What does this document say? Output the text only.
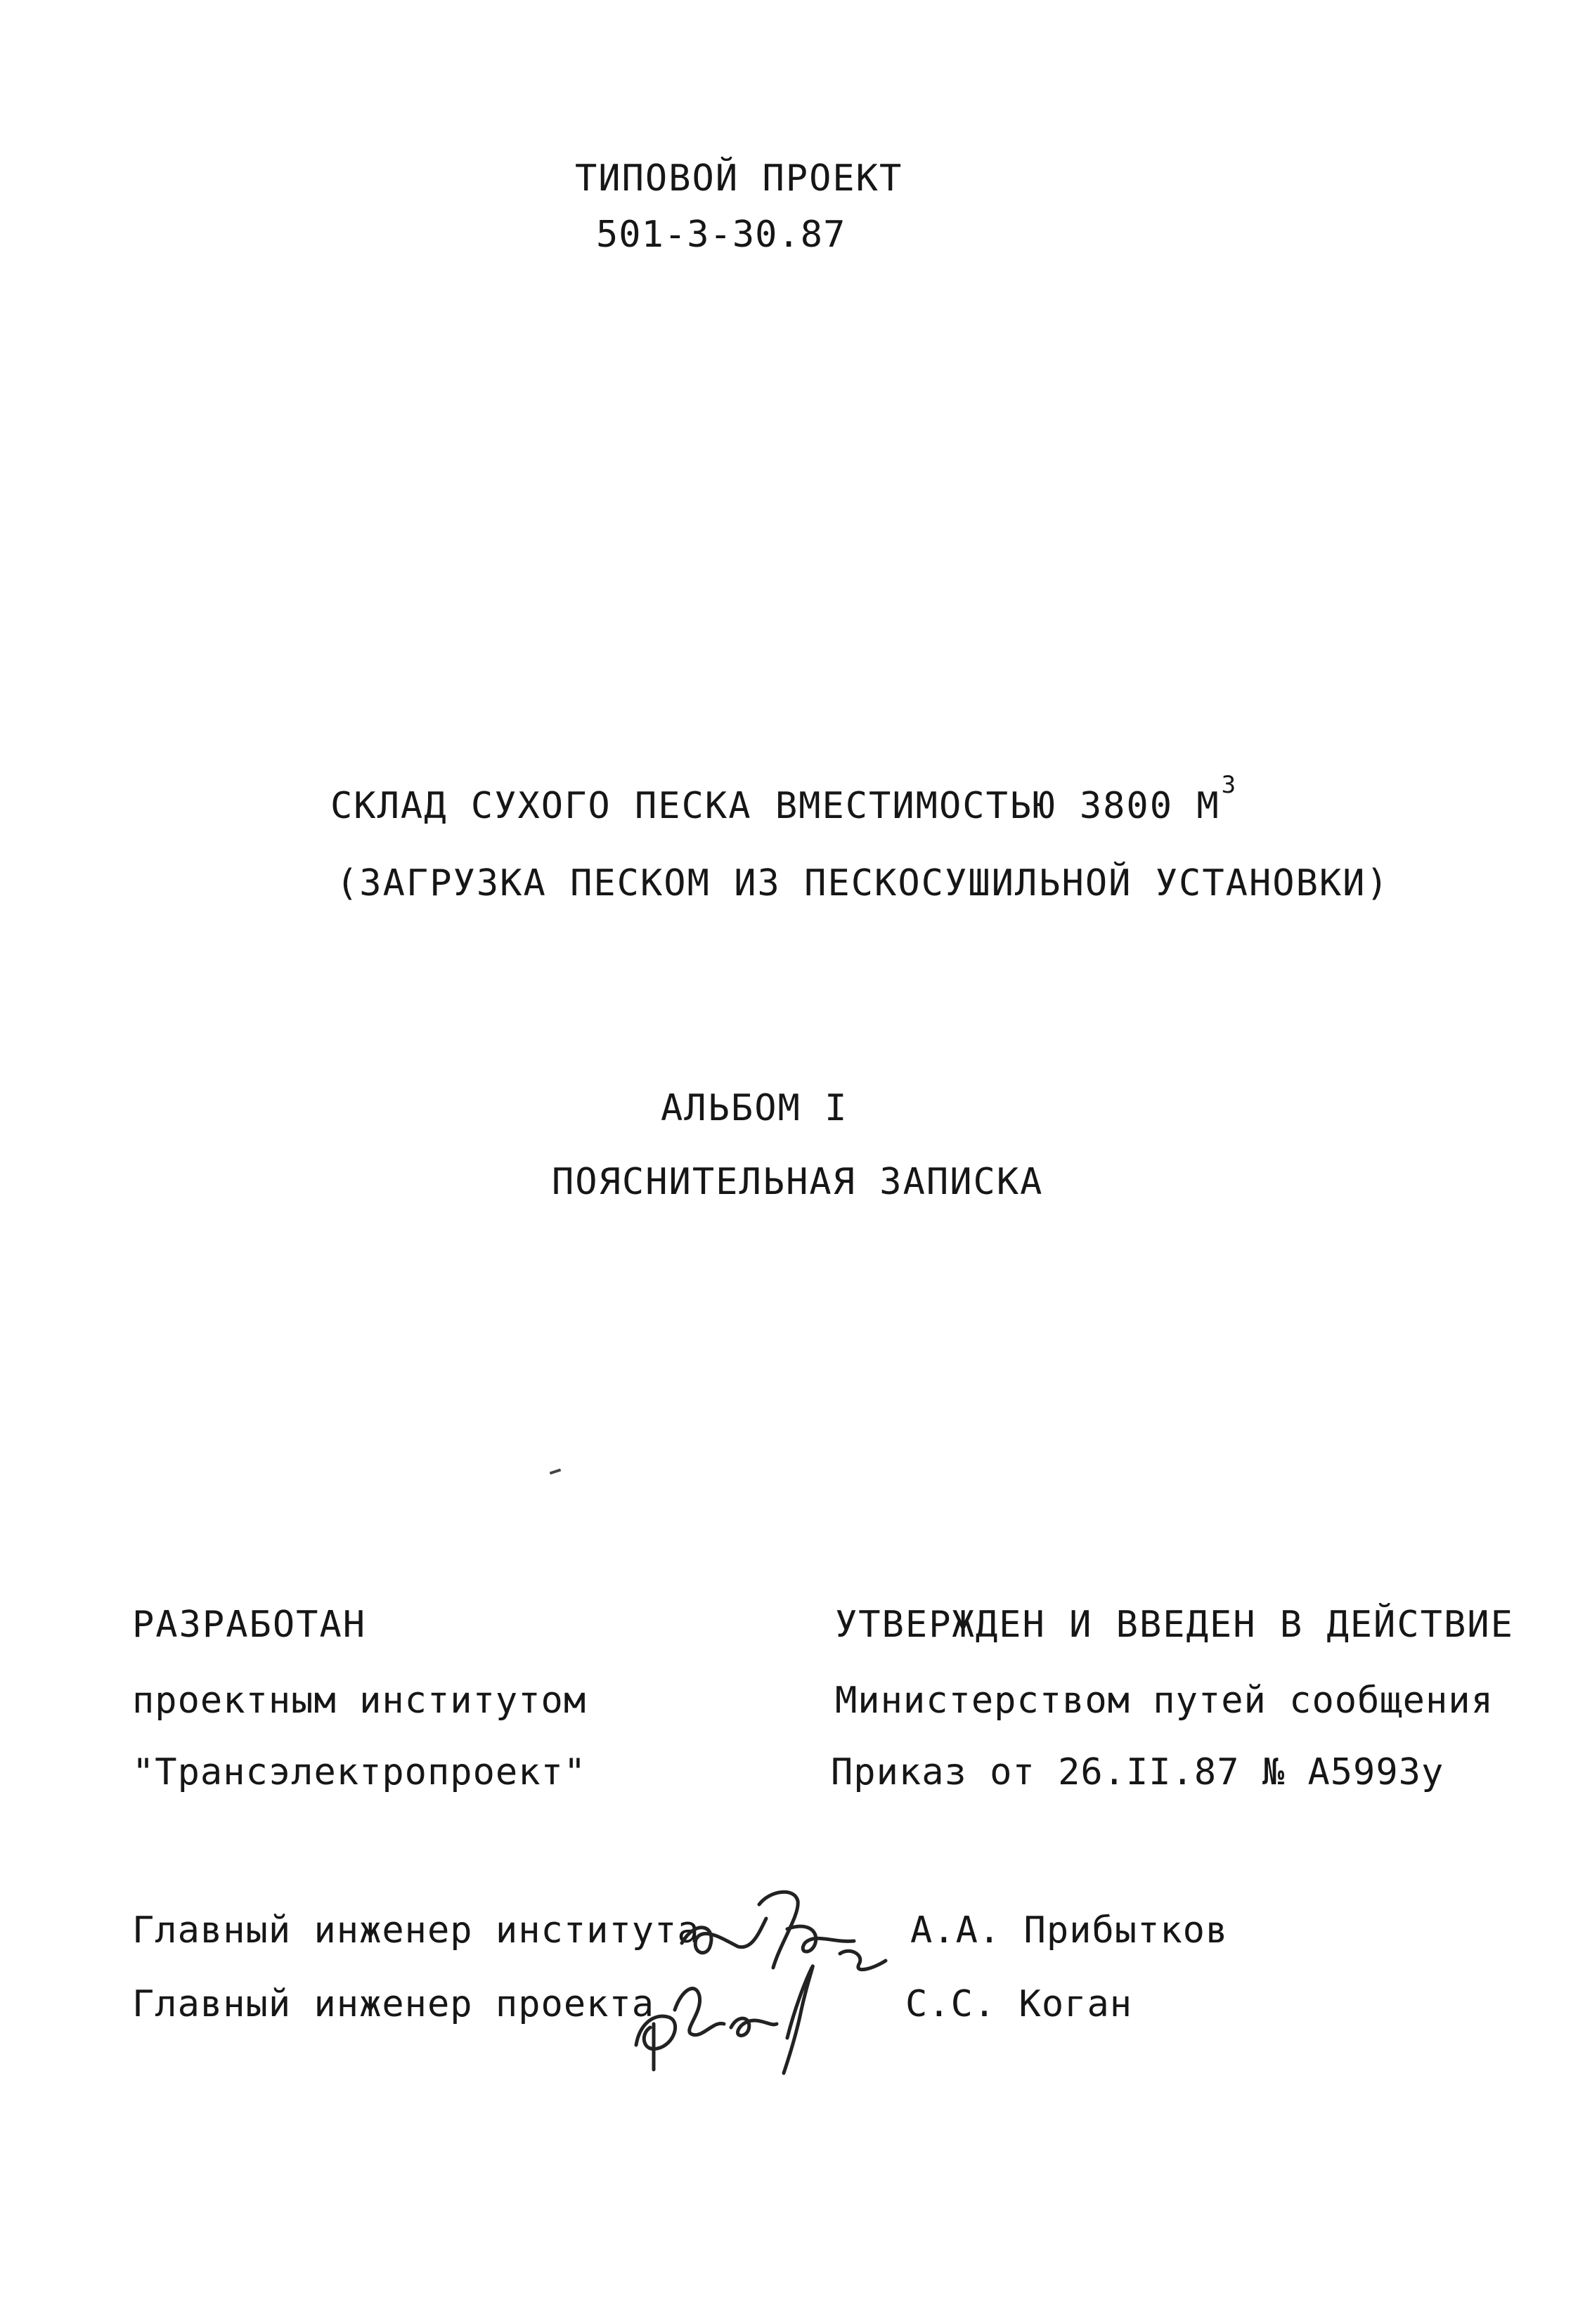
ТИПОВОЙ ПРОЕКТ
501-3-30.87
СКЛАД СУХОГО ПЕСКА ВМЕСТИМОСТЬЮ 3800 $М^3$
(ЗАГРУЗКА ПЕСКОМ ИЗ ПЕСКОСУШИЛЬНОЙ УСТАНОВКИ)
АЛЬБОМ I
ПОЯСНИТЕЛЬНАЯ ЗАПИСКА
РАЗРАБОТАН
проектным институтом
"Трансэлектропроект"
УТВЕРЖДЕН И ВВЕДЕН В ДЕЙСТВИЕ
Министерством путей сообщения
Приказ от 26.II.87 № А5993у
Главный инженер института	А.А. Прибытков
Главный инженер проекта	С.С. Коган
